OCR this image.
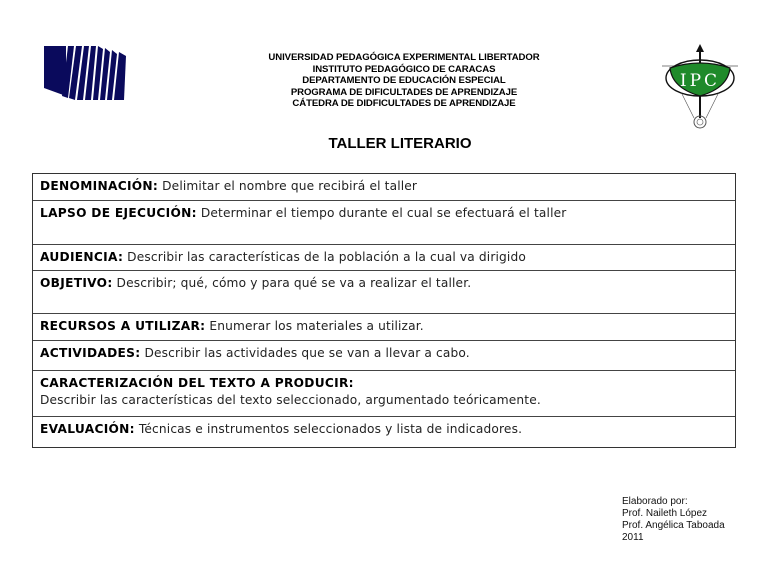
UNIVERSIDAD PEDAGÓGICA EXPERIMENTAL LIBERTADOR
INSTITUTO PEDAGÓGICO DE CARACAS
DEPARTAMENTO DE EDUCACIÓN ESPECIAL
PROGRAMA DE DIFICULTADES DE APRENDIZAJE
CÁTEDRA DE DIDFICULTADES DE APRENDIZAJE
IPC
TALLER LITERARIO
DENOMINACIÓN: Delimitar el nombre que recibirá el taller
LAPSO DE EJECUCIÓN: Determinar el tiempo durante el cual se efectuará el taller
AUDIENCIA: Describir las características de la población a la cual va dirigido
OBJETIVO: Describir; qué, cómo y para qué se va a realizar el taller.
RECURSOS A UTILIZAR: Enumerar los materiales a utilizar.
ACTIVIDADES: Describir las actividades que se van a llevar a cabo.
CARACTERIZACIÓN DEL TEXTO A PRODUCIR:
Describir las características del texto seleccionado, argumentado teóricamente.
EVALUACIÓN: Técnicas e instrumentos seleccionados y lista de indicadores.
Elaborado por:
Prof. Naileth López
Prof. Angélica Taboada
2011
